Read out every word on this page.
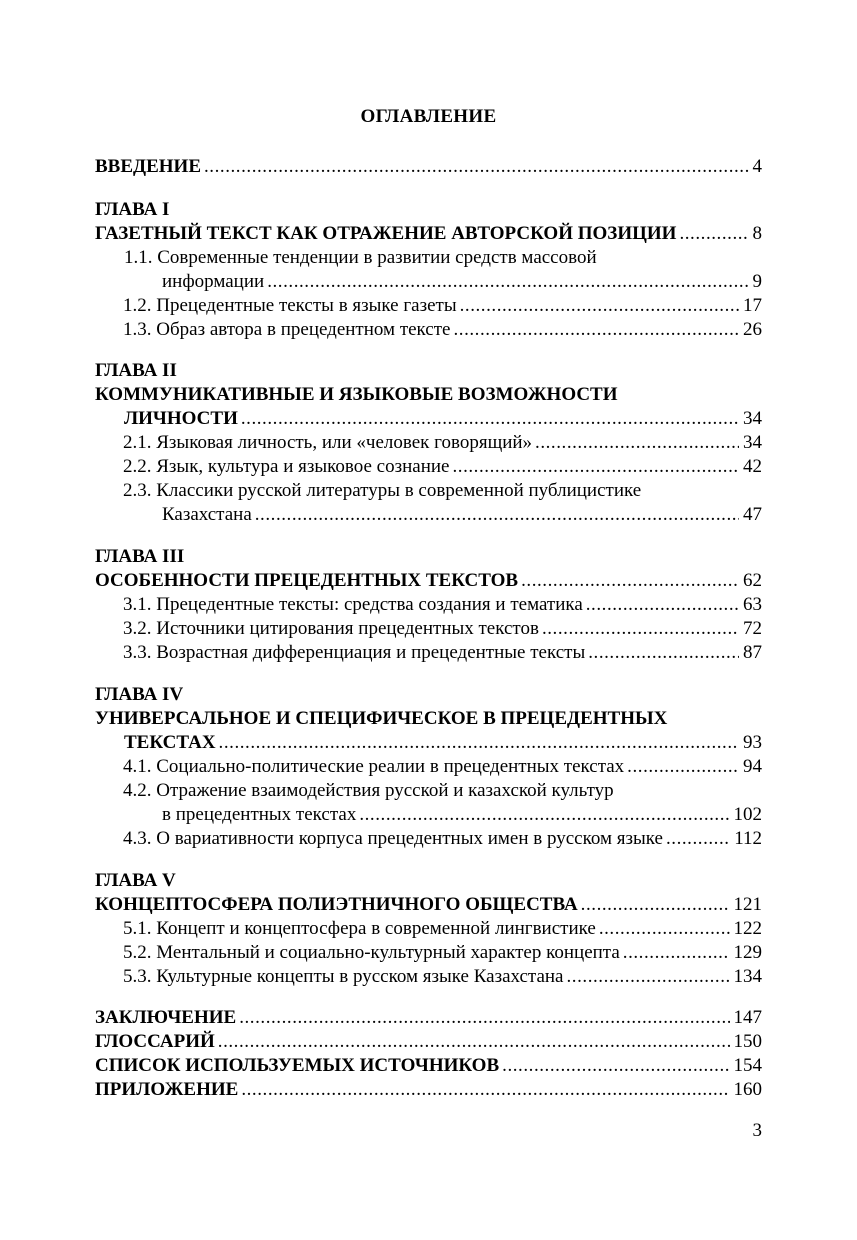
ОГЛАВЛЕНИЕ
ВВЕДЕНИЕ . . .	4
ГЛАВА I
ГАЗЕТНЫЙ ТЕКСТ КАК ОТРАЖЕНИЕ АВТОРСКОЙ ПОЗИЦИИ . . .	8
1.1. Современные тенденции в развитии средств массовой
информации . . .	9
1.2. Прецедентные тексты в языке газеты . . .	17
1.3. Образ автора в прецедентном тексте . . .	26
ГЛАВА II
КОММУНИКАТИВНЫЕ И ЯЗЫКОВЫЕ ВОЗМОЖНОСТИ
ЛИЧНОСТИ . . .	34
2.1. Языковая личность, или «человек говорящий» . . .	34
2.2. Язык, культура и языковое сознание . . .	42
2.3. Классики русской литературы в современной публицистике
Казахстана . . .	47
ГЛАВА III
ОСОБЕННОСТИ ПРЕЦЕДЕНТНЫХ ТЕКСТОВ . . .	62
3.1. Прецедентные тексты: средства создания и тематика . . .	63
3.2. Источники цитирования прецедентных текстов . . .	72
3.3. Возрастная дифференциация и прецедентные тексты . . .	87
ГЛАВА IV
УНИВЕРСАЛЬНОЕ И СПЕЦИФИЧЕСКОЕ В ПРЕЦЕДЕНТНЫХ
ТЕКСТАХ . . .	93
4.1. Социально-политические реалии в прецедентных текстах . . .	94
4.2. Отражение взаимодействия русской и казахской культур
в прецедентных текстах . . .	102
4.3. О вариативности корпуса прецедентных имен в русском языке . . .	112
ГЛАВА V
КОНЦЕПТОСФЕРА ПОЛИЭТНИЧНОГО ОБЩЕСТВА . . .	121
5.1. Концепт и концептосфера в современной лингвистике . . .	122
5.2. Ментальный и социально-культурный характер концепта . . .	129
5.3. Культурные концепты в русском языке Казахстана . . .	134
ЗАКЛЮЧЕНИЕ . . .	147
ГЛОССАРИЙ . . .	150
СПИСОК ИСПОЛЬЗУЕМЫХ ИСТОЧНИКОВ . . .	154
ПРИЛОЖЕНИЕ . . .	160
3
